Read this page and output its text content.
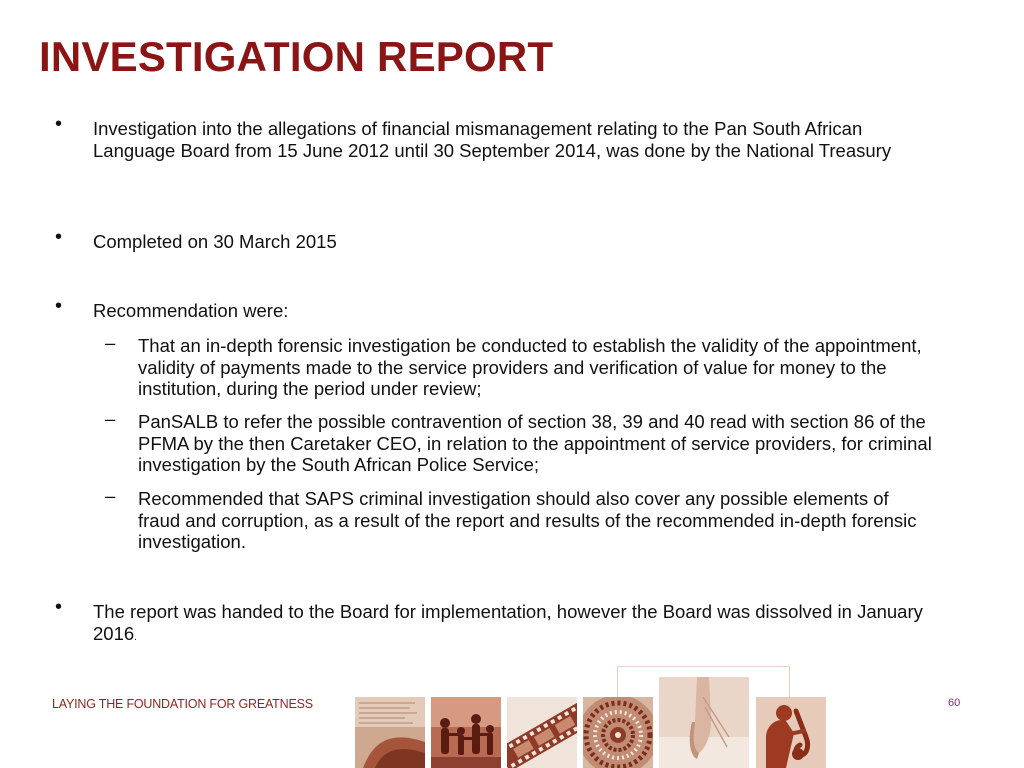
INVESTIGATION REPORT
• Investigation into the allegations of financial mismanagement relating to the Pan South African Language Board from 15 June 2012 until 30 September 2014, was done by the National Treasury
• Completed on 30 March 2015
• Recommendation were:
– That an in-depth forensic investigation be conducted to establish the validity of the appointment, validity of payments made to the service providers and verification of value for money to the institution, during the period under review;
– PanSALB to refer the possible contravention of section 38, 39 and 40 read with section 86 of the PFMA by the then Caretaker CEO, in relation to the appointment of service providers, for criminal investigation by the South African Police Service;
– Recommended that SAPS criminal investigation should also cover any possible elements of fraud and corruption, as a result of the report and results of the recommended in-depth forensic investigation.
• The report was handed to the Board for implementation, however the Board was dissolved in January 2016.
LAYING THE FOUNDATION FOR GREATNESS	60
